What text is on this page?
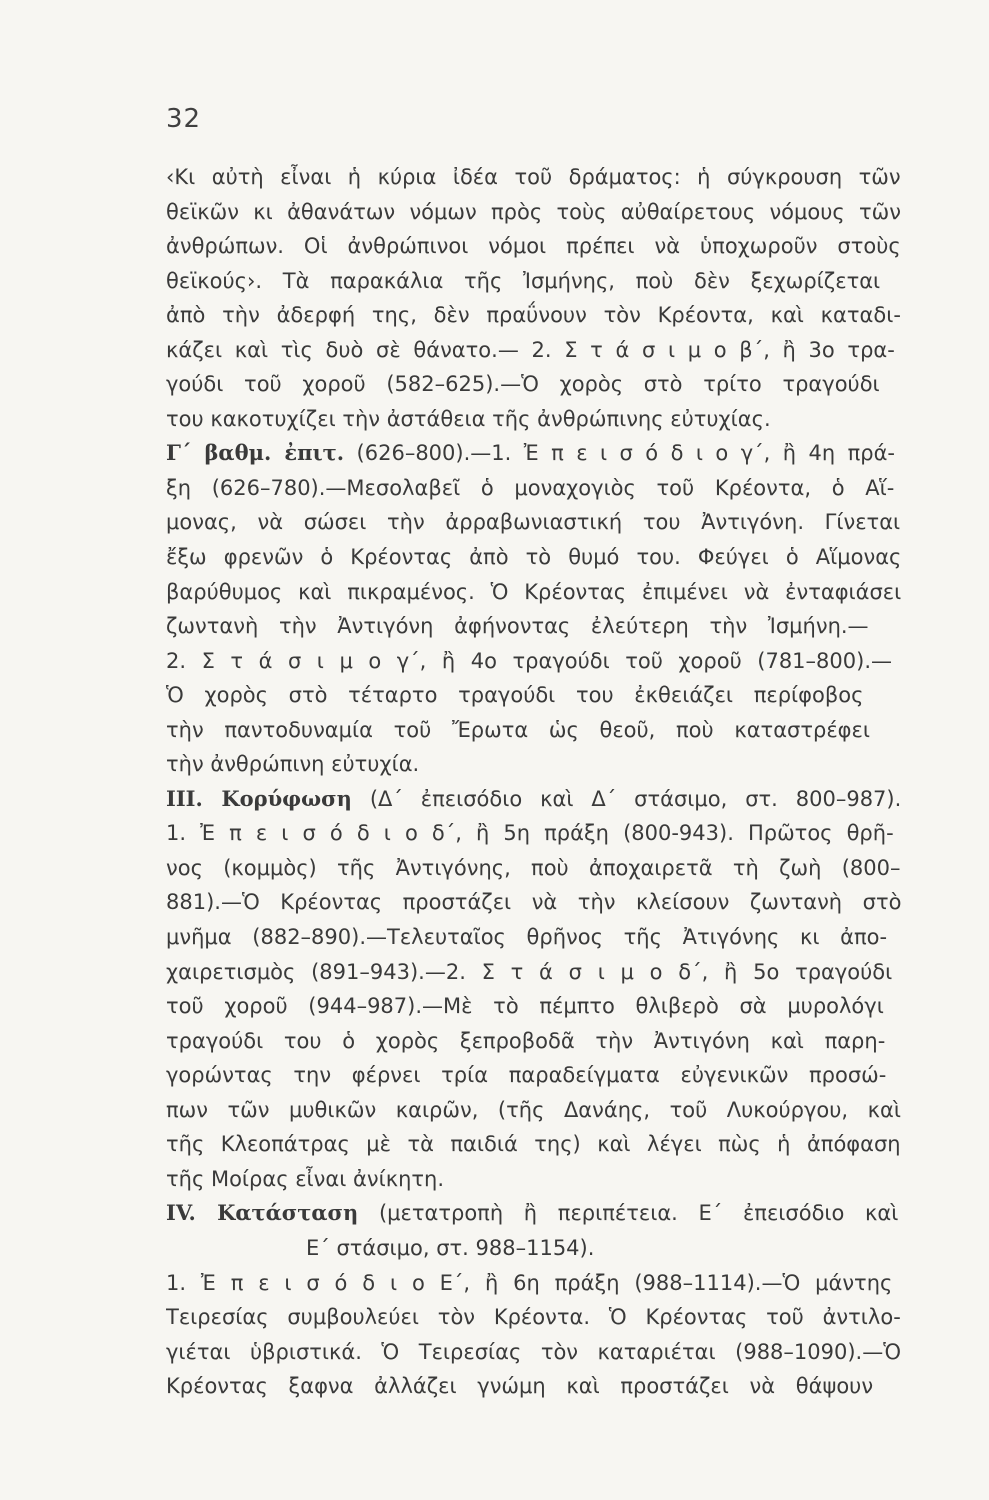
32
‹Κι αὐτὴ εἶναι ἡ κύρια ἰδέα τοῦ δράματος: ἡ σύγκρουση τῶν
θεϊκῶν κι ἀθανάτων νόμων πρὸς τοὺς αὐθαίρετους νόμους τῶν
ἀνθρώπων. Οἱ ἀνθρώπινοι νόμοι πρέπει νὰ ὑποχωροῦν στοὺς
θεϊκούς›. Τὰ παρακάλια τῆς Ἰσμήνης, ποὺ δὲν ξεχωρίζεται
ἀπὸ τὴν ἀδερφή της, δὲν πραΰνουν τὸν Κρέοντα, καὶ καταδι-
κάζει καὶ τὶς δυὸ σὲ θάνατο.— 2. Σ τ ά σ ι μ ο β΄, ἢ 3ο τρα-
γούδι τοῦ χοροῦ (582–625).—Ὁ χορὸς στὸ τρίτο τραγούδι
του κακοτυχίζει τὴν ἀστάθεια τῆς ἀνθρώπινης εὐτυχίας.
Γ΄ βαθμ. ἐπιτ. (626–800).—1. Ἐ π ε ι σ ό δ ι ο γ΄, ἢ 4η πρά-
ξη (626–780).—Μεσολαβεῖ ὁ μοναχογιὸς τοῦ Κρέοντα, ὁ Αἵ-
μονας, νὰ σώσει τὴν ἀρραβωνιαστική του Ἀντιγόνη. Γίνεται
ἔξω φρενῶν ὁ Κρέοντας ἀπὸ τὸ θυμό του. Φεύγει ὁ Αἵμονας
βαρύθυμος καὶ πικραμένος. Ὁ Κρέοντας ἐπιμένει νὰ ἐνταφιάσει
ζωντανὴ τὴν Ἀντιγόνη ἀφήνοντας ἐλεύτερη τὴν Ἰσμήνη.—
2. Σ τ ά σ ι μ ο γ΄, ἢ 4ο τραγούδι τοῦ χοροῦ (781–800).—
Ὁ χορὸς στὸ τέταρτο τραγούδι του ἐκθειάζει περίφοβος
τὴν παντοδυναμία τοῦ Ἔρωτα ὡς θεοῦ, ποὺ καταστρέφει
τὴν ἀνθρώπινη εὐτυχία.
III. Κορύφωση (Δ΄ ἐπεισόδιο καὶ Δ΄ στάσιμο, στ. 800–987).
1. Ἐ π ε ι σ ό δ ι ο δ΄, ἢ 5η πράξη (800-943). Πρῶτος θρῆ-
νος (κομμὸς) τῆς Ἀντιγόνης, ποὺ ἀποχαιρετᾶ τὴ ζωὴ (800–
881).—Ὁ Κρέοντας προστάζει νὰ τὴν κλείσουν ζωντανὴ στὸ
μνῆμα (882–890).—Τελευταῖος θρῆνος τῆς Ἀτιγόνης κι ἀπο-
χαιρετισμὸς (891–943).—2. Σ τ ά σ ι μ ο δ΄, ἢ 5ο τραγούδι
τοῦ χοροῦ (944–987).—Μὲ τὸ πέμπτο θλιβερὸ σὰ μυρολόγι
τραγούδι του ὁ χορὸς ξεπροβοδᾶ τὴν Ἀντιγόνη καὶ παρη-
γορώντας την φέρνει τρία παραδείγματα εὐγενικῶν προσώ-
πων τῶν μυθικῶν καιρῶν, (τῆς Δανάης, τοῦ Λυκούργου, καὶ
τῆς Κλεοπάτρας μὲ τὰ παιδιά της) καὶ λέγει πὼς ἡ ἀπόφαση
τῆς Μοίρας εἶναι ἀνίκητη.
IV. Κατάσταση (μετατροπὴ ἢ περιπέτεια. Ε΄ ἐπεισόδιο καὶ
Ε΄ στάσιμο, στ. 988–1154).
1. Ἐ π ε ι σ ό δ ι ο Ε΄, ἢ 6η πράξη (988–1114).—Ὁ μάντης
Τειρεσίας συμβουλεύει τὸν Κρέοντα. Ὁ Κρέοντας τοῦ ἀντιλο-
γιέται ὑβριστικά. Ὁ Τειρεσίας τὸν καταριέται (988–1090).—Ὁ
Κρέοντας ξαφνα ἀλλάζει γνώμη καὶ προστάζει νὰ θάψουν
